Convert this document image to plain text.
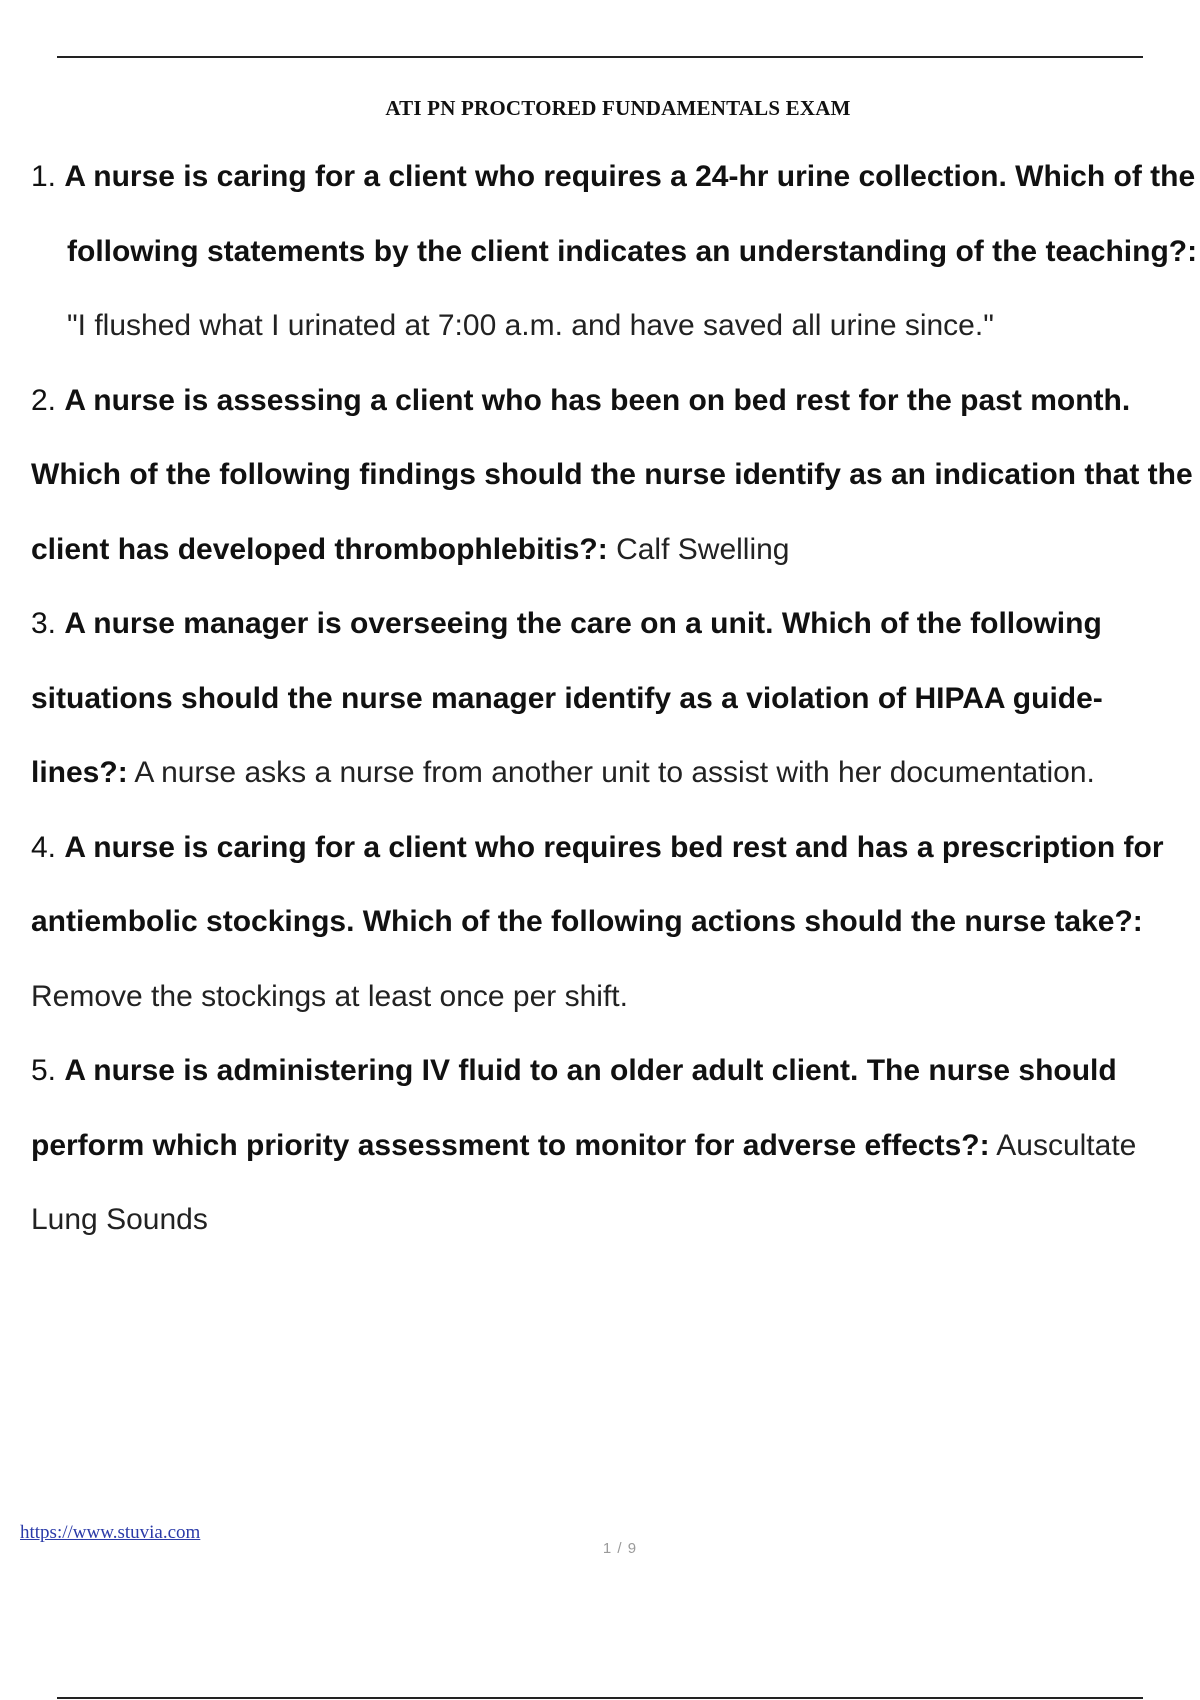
ATI PN PROCTORED FUNDAMENTALS EXAM
1. A nurse is caring for a client who requires a 24-hr urine collection. Which of the following statements by the client indicates an understanding of the teaching?: "I flushed what I urinated at 7:00 a.m. and have saved all urine since."
2. A nurse is assessing a client who has been on bed rest for the past month. Which of the following findings should the nurse identify as an indication that the client has developed thrombophlebitis?: Calf Swelling
3. A nurse manager is overseeing the care on a unit. Which of the following situations should the nurse manager identify as a violation of HIPAA guide- lines?: A nurse asks a nurse from another unit to assist with her documentation.
4. A nurse is caring for a client who requires bed rest and has a prescription for antiembolic stockings. Which of the following actions should the nurse take?: Remove the stockings at least once per shift.
5. A nurse is administering IV fluid to an older adult client. The nurse should perform which priority assessment to monitor for adverse effects?: Auscultate Lung Sounds
https://www.stuvia.com
1 / 9
